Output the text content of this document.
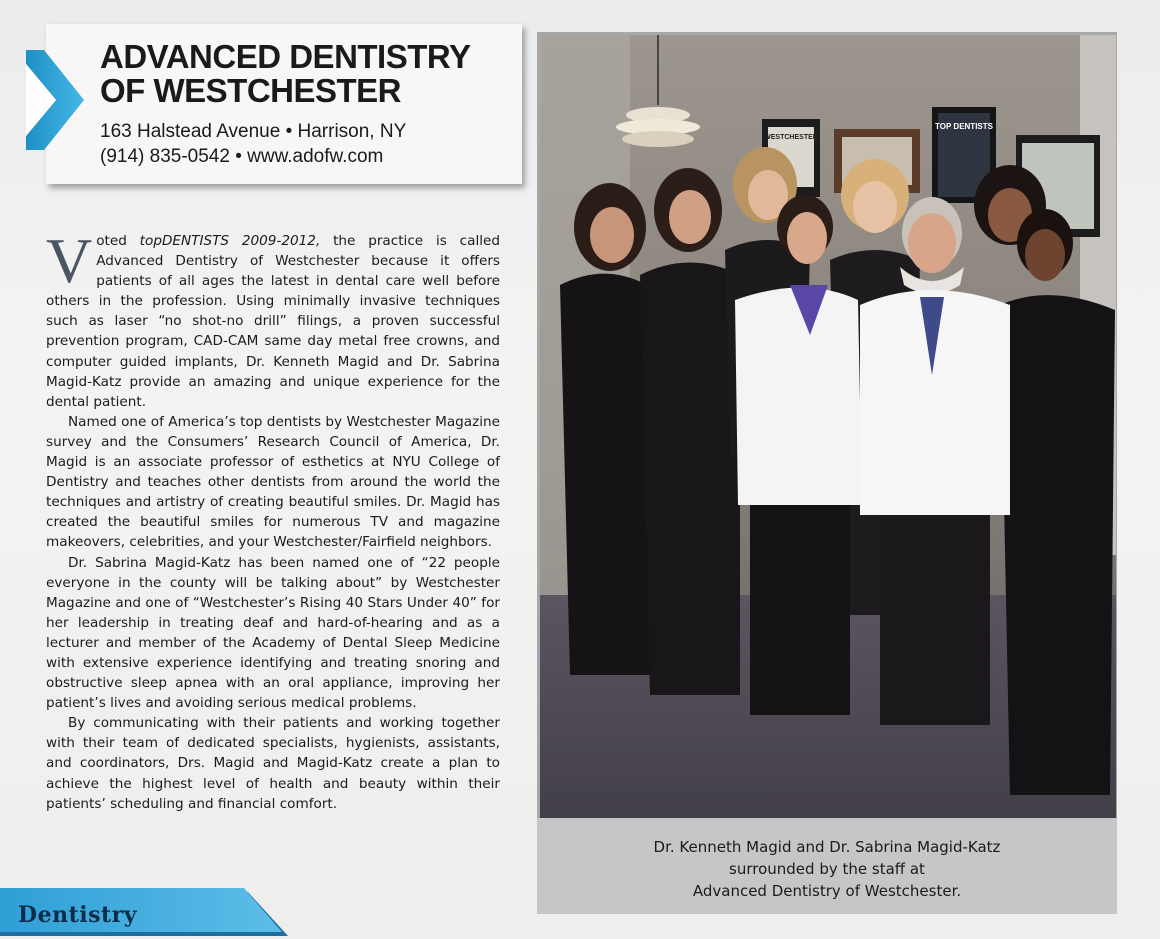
ADVANCED DENTISTRY
OF WESTCHESTER
163 Halstead Avenue • Harrison, NY
(914) 835-0542 • www.adofw.com

Voted topDENTISTS 2009-2012, the practice is called Advanced Dentistry of Westchester because it offers patients of all ages the latest in dental care well before others in the profession. Using minimally invasive techniques such as laser “no shot-no drill” filings, a proven successful prevention program, CAD-CAM same day metal free crowns, and computer guided implants, Dr. Kenneth Magid and Dr. Sabrina Magid-Katz provide an amazing and unique experience for the dental patient.

Named one of America’s top dentists by Westchester Magazine survey and the Consumers’ Research Council of America, Dr. Magid is an associate professor of esthetics at NYU College of Dentistry and teaches other dentists from around the world the techniques and artistry of creating beautiful smiles. Dr. Magid has created the beautiful smiles for numerous TV and magazine makeovers, celebrities, and your Westchester/Fairfield neighbors.

Dr. Sabrina Magid-Katz has been named one of “22 people everyone in the county will be talking about” by Westchester Magazine and one of “Westchester’s Rising 40 Stars Under 40” for her leadership in treating deaf and hard-of-hearing and as a lecturer and member of the Academy of Dental Sleep Medicine with extensive experience identifying and treating snoring and obstructive sleep apnea with an oral appliance, improving her patient’s lives and avoiding serious medical problems.

By communicating with their patients and working together with their team of dedicated specialists, hygienists, assistants, and coordinators, Drs. Magid and Magid-Katz create a plan to achieve the highest level of health and beauty within their patients’ scheduling and financial comfort.

WESTCHESTER
TOP DENTISTS
Dr. Kenneth Magid and Dr. Sabrina Magid-Katz
surrounded by the staff at
Advanced Dentistry of Westchester.
Dentistry
